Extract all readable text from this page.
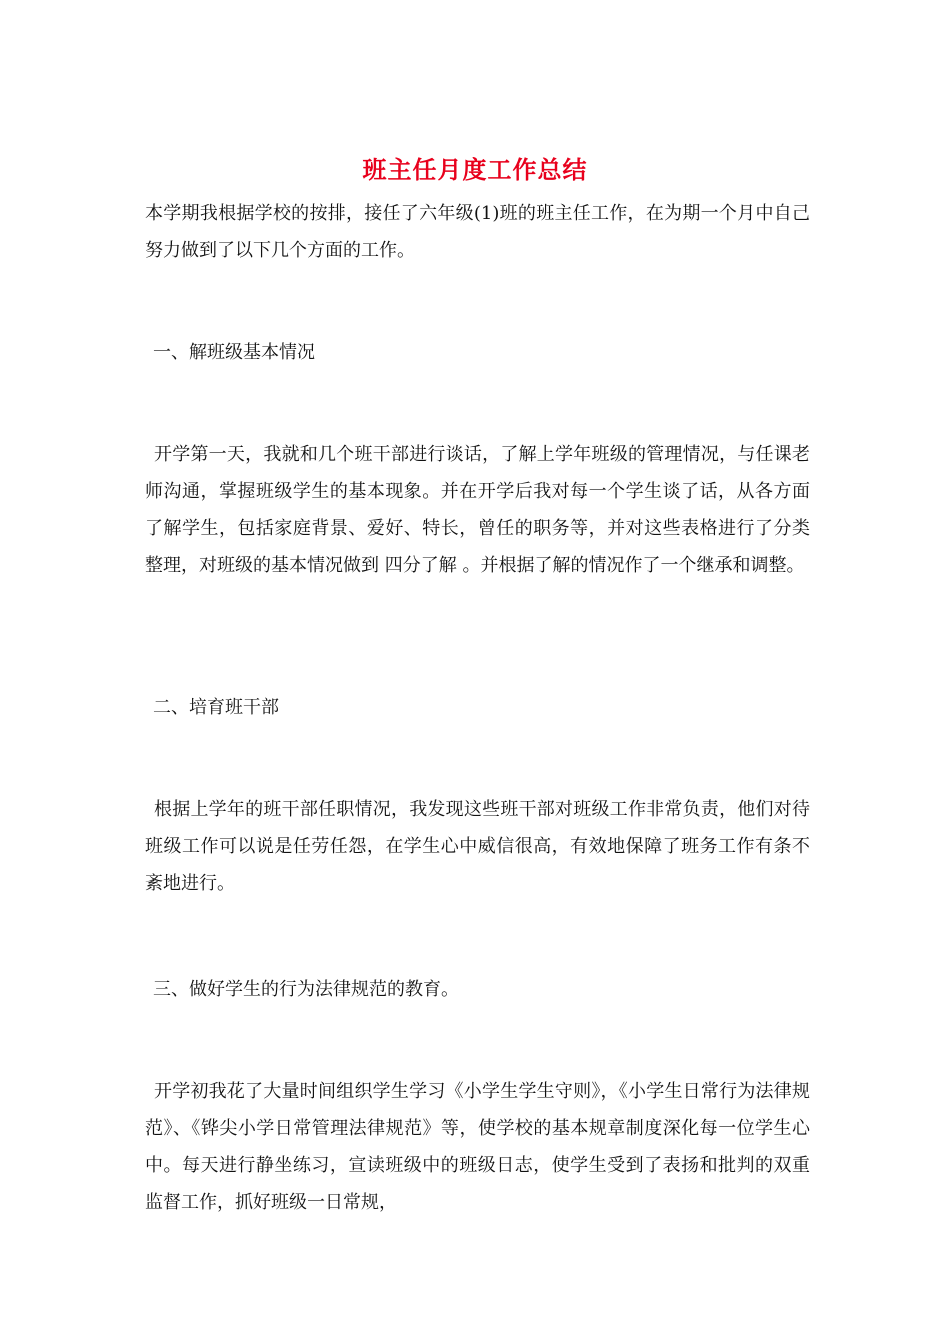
班主任月度工作总结
本学期我根据学校的按排，接任了六年级(1)班的班主任工作，在为期一个月中自己努力做到了以下几个方面的工作。
一、解班级基本情况
开学第一天，我就和几个班干部进行谈话，了解上学年班级的管理情况，与任课老师沟通，掌握班级学生的基本现象。并在开学后我对每一个学生谈了话，从各方面了解学生，包括家庭背景、爱好、特长，曾任的职务等，并对这些表格进行了分类整理，对班级的基本情况做到 四分了解 。并根据了解的情况作了一个继承和调整。
二、培育班干部
根据上学年的班干部任职情况，我发现这些班干部对班级工作非常负责，他们对待班级工作可以说是任劳任怨，在学生心中威信很高，有效地保障了班务工作有条不紊地进行。
三、做好学生的行为法律规范的教育。
开学初我花了大量时间组织学生学习《小学生学生守则》，《小学生日常行为法律规范》、《铧尖小学日常管理法律规范》等，使学校的基本规章制度深化每一位学生心中。每天进行静坐练习，宣读班级中的班级日志，使学生受到了表扬和批判的双重监督工作，抓好班级一日常规，
